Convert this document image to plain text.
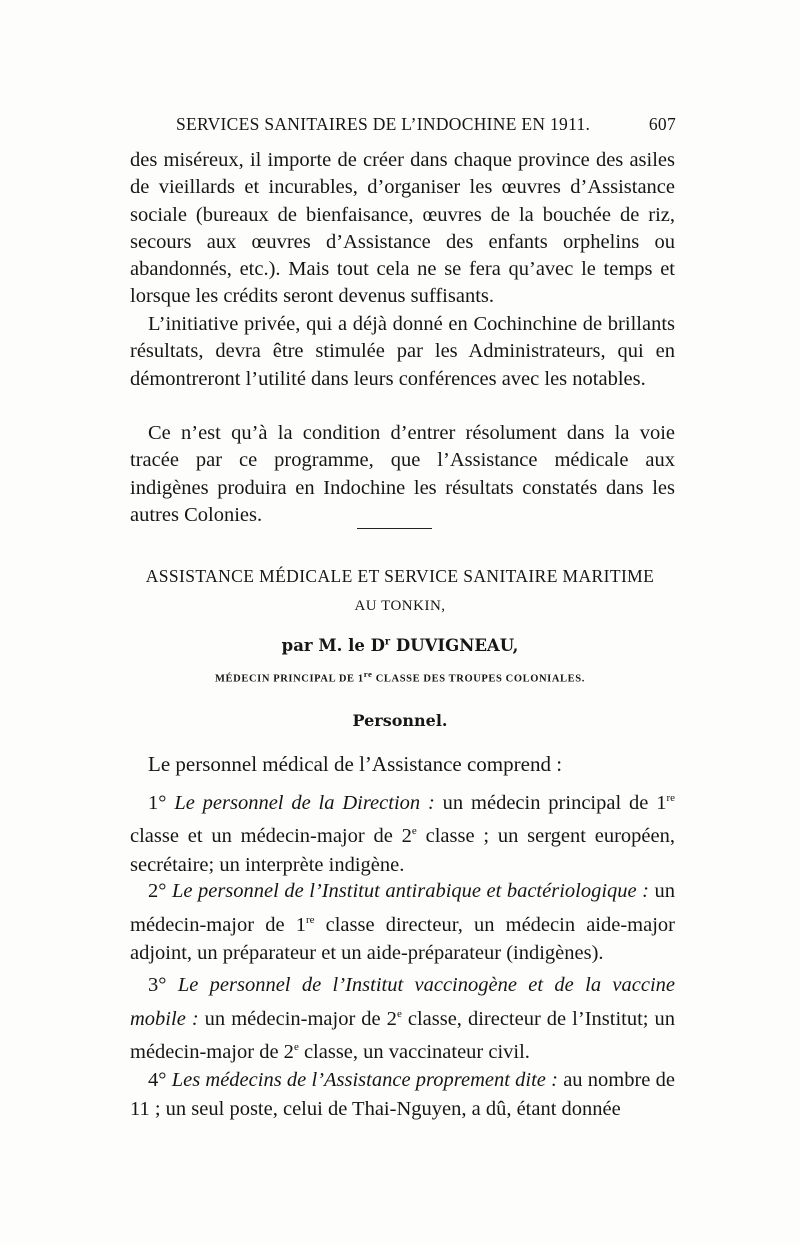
SERVICES SANITAIRES DE L’INDOCHINE EN 1911.	607

des miséreux, il importe de créer dans chaque province des asiles de vieillards et incurables, d’organiser les œuvres d’Assistance sociale (bureaux de bienfaisance, œuvres de la bouchée de riz, secours aux œuvres d’Assistance des enfants orphelins ou abandonnés, etc.). Mais tout cela ne se fera qu’avec le temps et lorsque les crédits seront devenus suffisants.

L’initiative privée, qui a déjà donné en Cochinchine de brillants résultats, devra être stimulée par les Administrateurs, qui en démontreront l’utilité dans leurs conférences avec les notables.

Ce n’est qu’à la condition d’entrer résolument dans la voie tracée par ce programme, que l’Assistance médicale aux indigènes produira en Indochine les résultats constatés dans les autres Colonies.

ASSISTANCE MÉDICALE ET SERVICE SANITAIRE MARITIME
AU TONKIN,
par M. le $D^r$ DUVIGNEAU,
MÉDECIN PRINCIPAL DE 1re CLASSE DES TROUPES COLONIALES.
Personnel.
Le personnel médical de l’Assistance comprend :

1° Le personnel de la Direction : un médecin principal de 1re classe et un médecin-major de 2e classe ; un sergent européen, secrétaire; un interprète indigène.

2° Le personnel de l’Institut antirabique et bactériologique : un médecin-major de 1re classe directeur, un médecin aide-major adjoint, un préparateur et un aide-préparateur (indigènes).

3° Le personnel de l’Institut vaccinogène et de la vaccine mobile : un médecin-major de 2e classe, directeur de l’Institut; un médecin-major de 2e classe, un vaccinateur civil.

4° Les médecins de l’Assistance proprement dite : au nombre de 11 ; un seul poste, celui de Thai-Nguyen, a dû, étant donnée
